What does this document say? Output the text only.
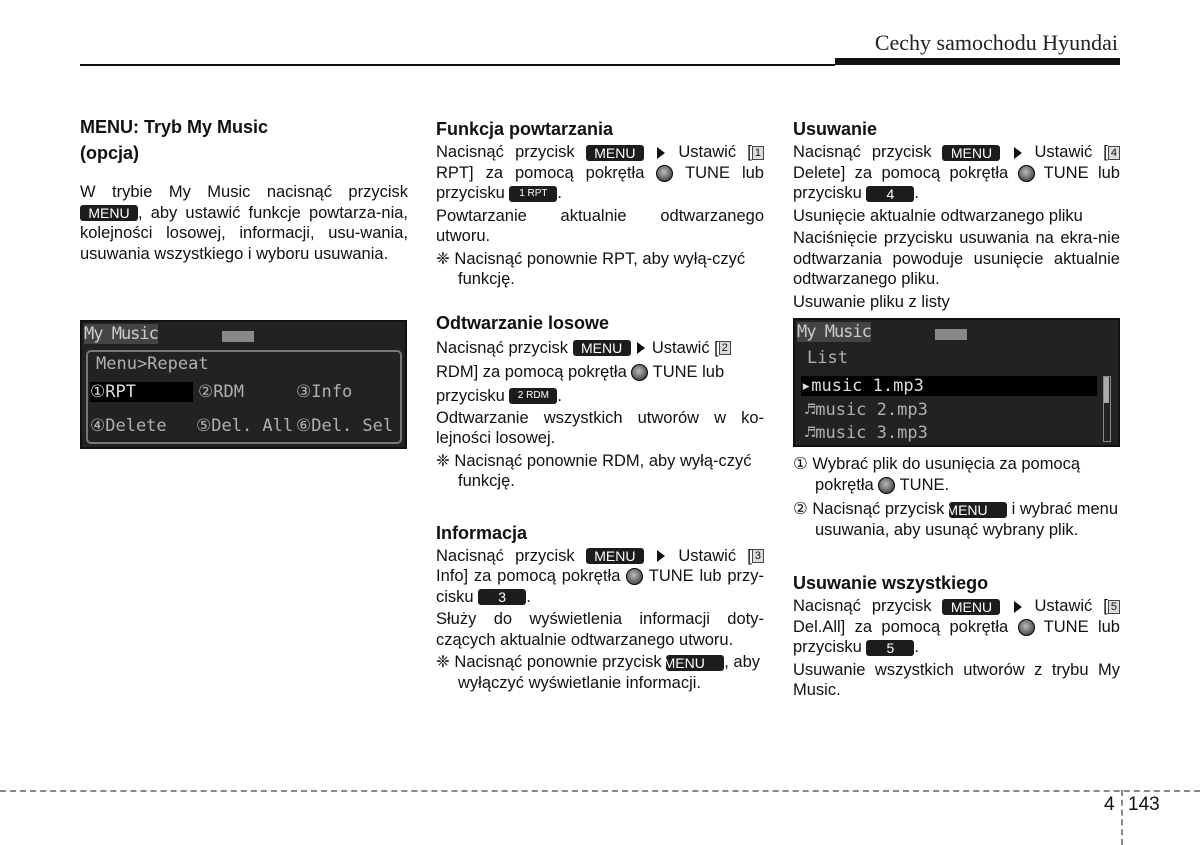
Cechy samochodu Hyundai

MENU: Tryb My Music

(opcja)

W trybie My Music nacisnąć przycisk MENU , aby ustawić funkcje powtarza-nia, kolejności losowej, informacji, usu-wania, usuwania wszystkiego i wyboru usuwania.

My Music
Menu>Repeat
①RPT	②RDM	③Info
④Delete ⑤Del. All ⑥Del. Sel

Funkcja powtarzania

Nacisnąć przycisk MENU	Ustawić [ 1RPT] za pomocą pokrętła TUNE lub przycisku 1 RPT .

Powtarzanie aktualnie odtwarzanego utworu.

❈ Nacisnąć ponownie RPT, aby wyłą-czyć funkcję.

Odtwarzanie losowe

Nacisnąć przycisk MENU Ustawić [ 2
RDM] za pomocą pokrętła TUNE lub przycisku 2 RDM .

Odtwarzanie wszystkich utworów w ko-lejności losowej.

❈ Nacisnąć ponownie RDM, aby wyłą-czyć funkcję.

Informacja

Nacisnąć przycisk MENU	Ustawić [ 3 Info] za pomocą pokrętła TUNE lub przy-cisku 3 .

Służy do wyświetlenia informacji doty-czących aktualnie odtwarzanego utworu.

❈ Nacisnąć ponownie przycisk MENU , aby wyłączyć wyświetlanie informacji.

Usuwanie

Nacisnąć przycisk MENU	Ustawić [ 4 Delete] za pomocą pokrętła TUNE lub przycisku 4 .

Usunięcie aktualnie odtwarzanego pliku

Naciśnięcie przycisku usuwania na ekra-nie odtwarzania powoduje usunięcie aktualnie odtwarzanego pliku.

Usuwanie pliku z listy

My Music
List
▸music 1.mp3
♬music 2.mp3
♬music 3.mp3

① Wybrać plik do usunięcia za pomocą pokrętła TUNE.

② Nacisnąć przycisk MENU i wybrać menu usuwania, aby usunąć wybrany plik.

Usuwanie wszystkiego

Nacisnąć przycisk MENU	Ustawić [ 5 Del.All] za pomocą pokrętła TUNE lub przycisku 5 .

Usuwanie wszystkich utworów z trybu My Music.

4 143
